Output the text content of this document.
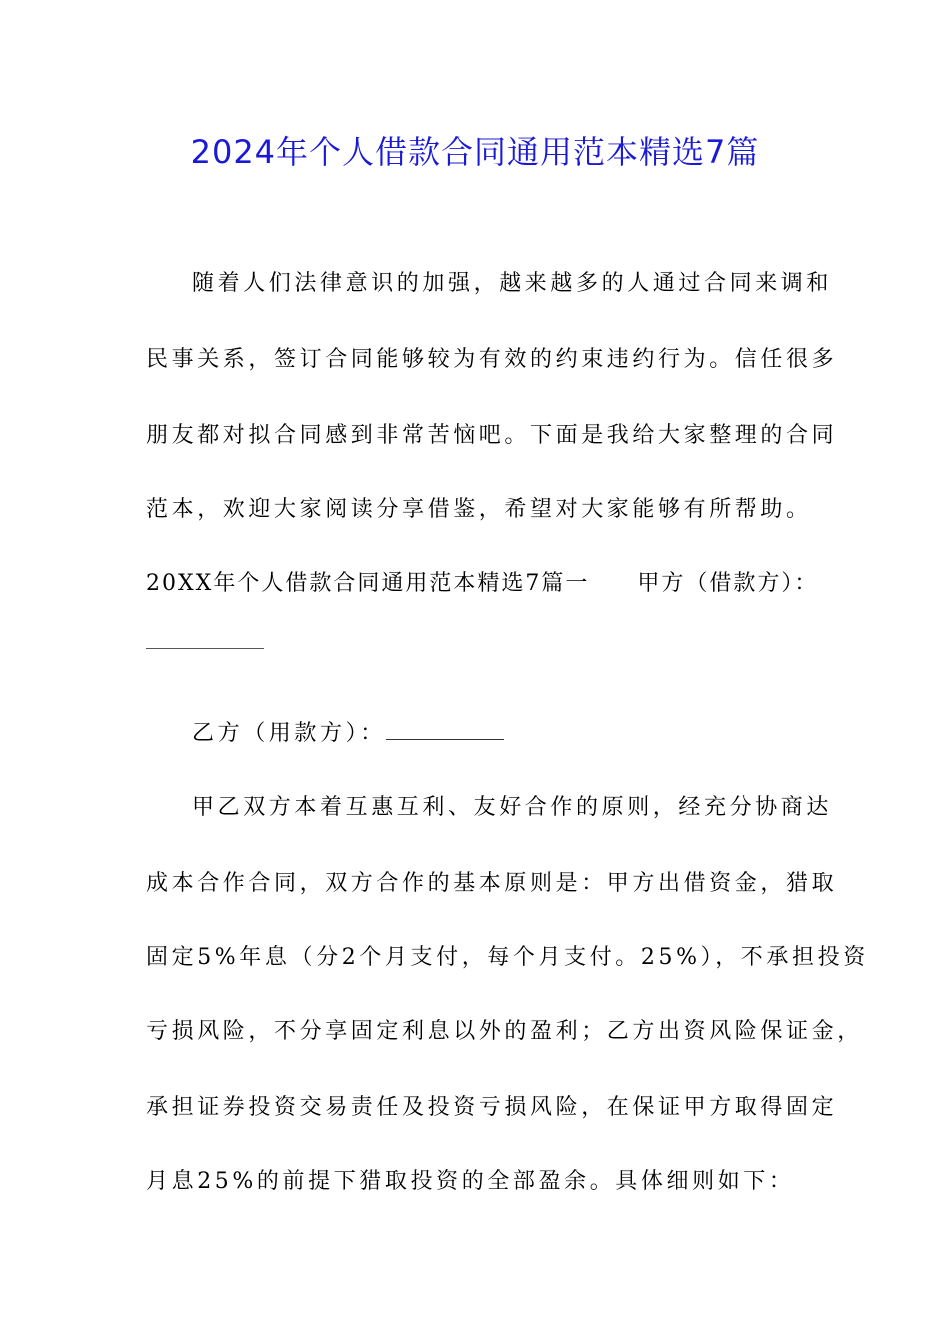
2024年个人借款合同通用范本精选7篇
随着人们法律意识的加强，越来越多的人通过合同来调和
民事关系，签订合同能够较为有效的约束违约行为。信任很多
朋友都对拟合同感到非常苦恼吧。下面是我给大家整理的合同
范本，欢迎大家阅读分享借鉴，希望对大家能够有所帮助。
20XX年个人借款合同通用范本精选7篇一 甲方（借款方）：
乙方（用款方）：
甲乙双方本着互惠互利、友好合作的原则，经充分协商达
成本合作合同，双方合作的基本原则是：甲方出借资金，猎取
固定5%年息（分2个月支付，每个月支付。25%），不承担投资
亏损风险，不分享固定利息以外的盈利；乙方出资风险保证金，
承担证券投资交易责任及投资亏损风险，在保证甲方取得固定
月息25%的前提下猎取投资的全部盈余。具体细则如下：
